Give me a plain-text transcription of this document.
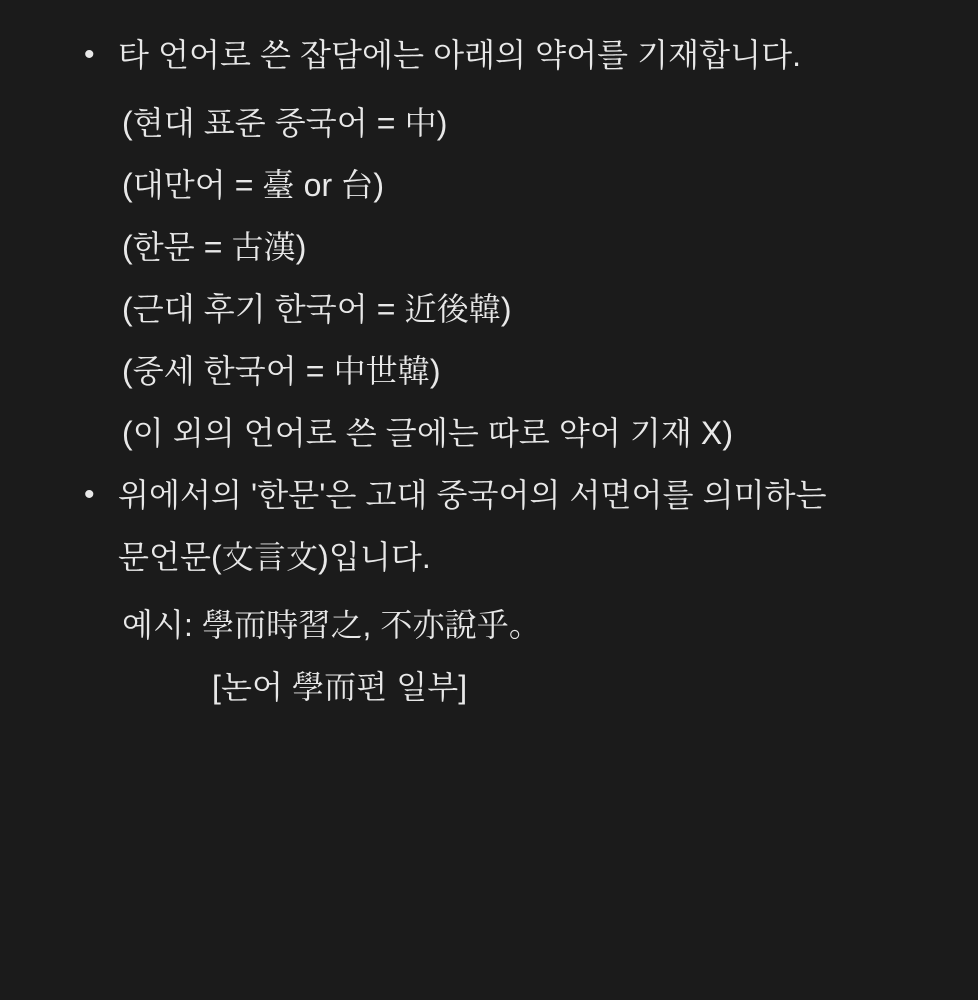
• 타 언어로 쓴 잡담에는 아래의 약어를 기재합니다.
(현대 표준 중국어 = 中)
(대만어 = 臺 or 台)
(한문 = 古漢)
(근대 후기 한국어 = 近後韓)
(중세 한국어 = 中世韓)
(이 외의 언어로 쓴 글에는 따로 약어 기재 X)
• 위에서의 '한문'은 고대 중국어의 서면어를 의미하는 문언문(文言文)입니다.
예시: 學而時習之, 不亦說乎。
[논어 學而편 일부]
